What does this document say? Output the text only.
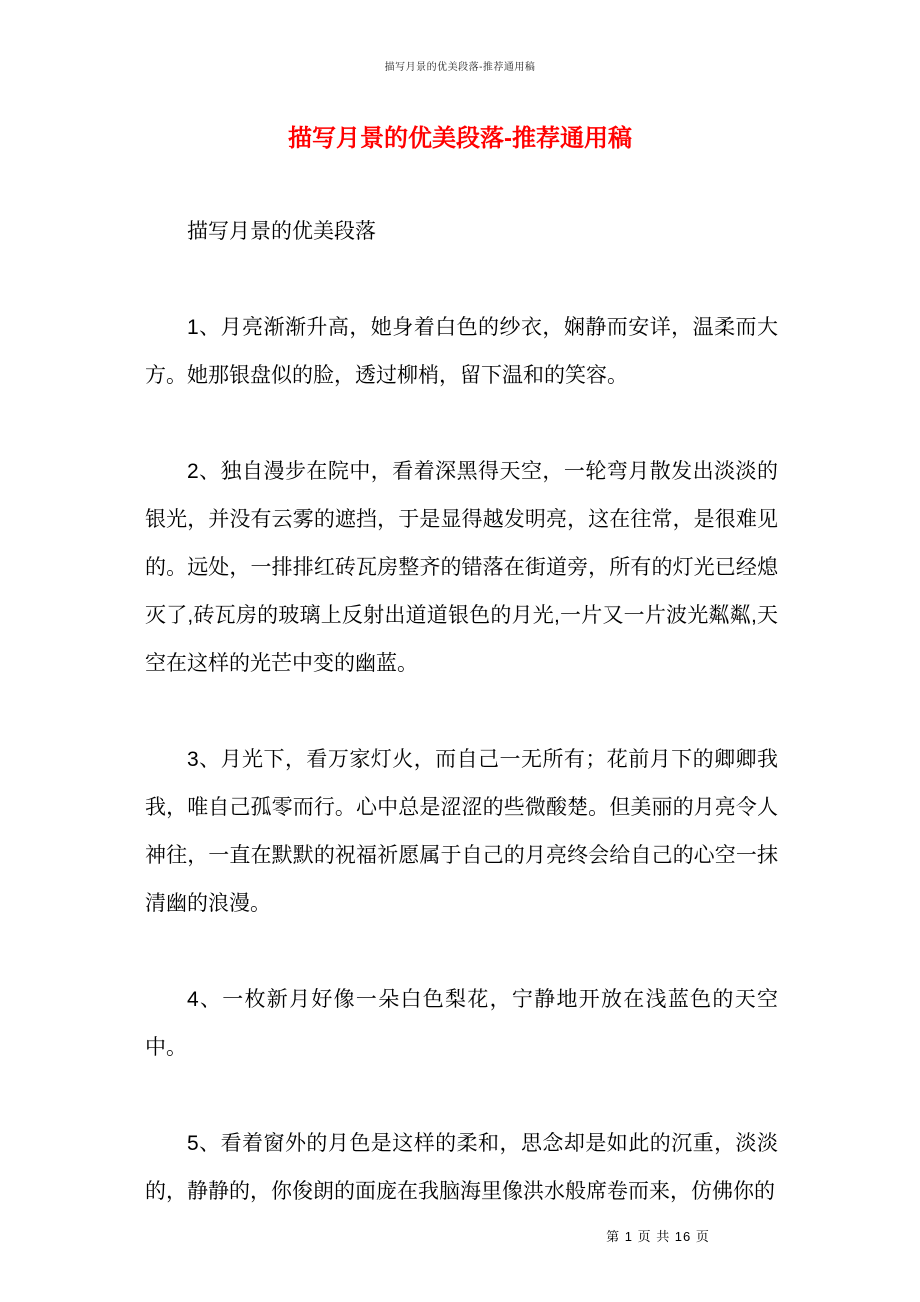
描写月景的优美段落-推荐通用稿
描写月景的优美段落-推荐通用稿

描写月景的优美段落

1、月亮渐渐升高，她身着白色的纱衣，娴静而安详，温柔而大方。她那银盘似的脸，透过柳梢，留下温和的笑容。

2、独自漫步在院中，看着深黑得天空，一轮弯月散发出淡淡的银光，并没有云雾的遮挡，于是显得越发明亮，这在往常，是很难见的。远处，一排排红砖瓦房整齐的错落在街道旁，所有的灯光已经熄灭了,砖瓦房的玻璃上反射出道道银色的月光,一片又一片波光粼粼,天空在这样的光芒中变的幽蓝。

3、月光下，看万家灯火，而自己一无所有；花前月下的卿卿我我，唯自己孤零而行。心中总是涩涩的些微酸楚。但美丽的月亮令人神往，一直在默默的祝福祈愿属于自己的月亮终会给自己的心空一抹清幽的浪漫。

4、一枚新月好像一朵白色梨花，宁静地开放在浅蓝色的天空中。

5、看着窗外的月色是这样的柔和，思念却是如此的沉重，淡淡的，静静的，你俊朗的面庞在我脑海里像洪水般席卷而来，仿佛你的

第 1 页 共 16 页
